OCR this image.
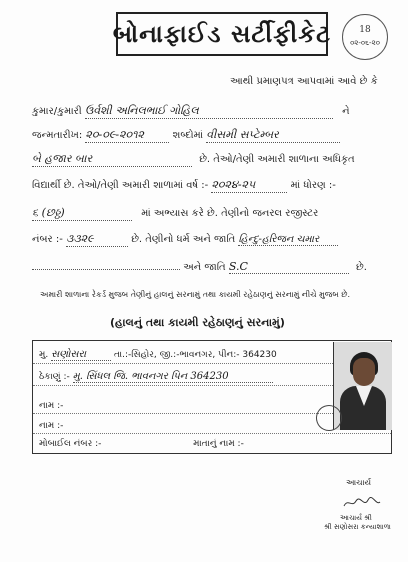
બોનાફાઈડ સર્ટીફીકેટ	18
૦૨-૦૬-૨૦
આથી પ્રમાણપત્ર આપવામાં આવે છે કે
કુમાર/કુમારી ઉર્વશી અનિલભાઈ ગોહિલ	ને
જન્મતારીખ: ૨૦-૦૯-૨૦૧૨	શબ્દોમાં વીસમી સપ્ટેમ્બર
બે હજાર બાર	છે. તેઓ/તેણી અમારી શાળાના અધિકૃત
વિદ્યાર્થી છે. તેઓ/તેણી અમારી શાળામાં વર્ષ :- ૨૦૨૪-૨૫	માં ધોરણ :-
૬ (છઠ્ઠ)	માં અભ્યાસ કરે છે. તેણીનો જનરલ રજીસ્ટર
નંબર :- ૩૩૨૯	છે. તેણીનો ધર્મ અને જાતિ હિન્દુ-હરિજન ચમાર
અને જાતિ S.C	છે.
અમારી શાળાના રેકર્ડ મુજબ તેણીનું હાલનું સરનામું તથા કાયમી રહેઠાણનું સરનામું નીચે મુજબ છે.
(હાલનું તથા કાયમી રહેઠાણનું સરનામું)
મુ. સણોસરા	તા.:-સિહોર, જી.:-ભાવનગર, પીન:- 364230
ઠેકાણું :- મુ. સિંધલ જિ. ભાવનગર પિન 364230
નામ :-
નામ :-
મોબાઈલ નંબર :-	માતાનું નામ :-
આચાર્ય
આચાર્ય શ્રી
શ્રી સણોસરા કન્યાશાળા
